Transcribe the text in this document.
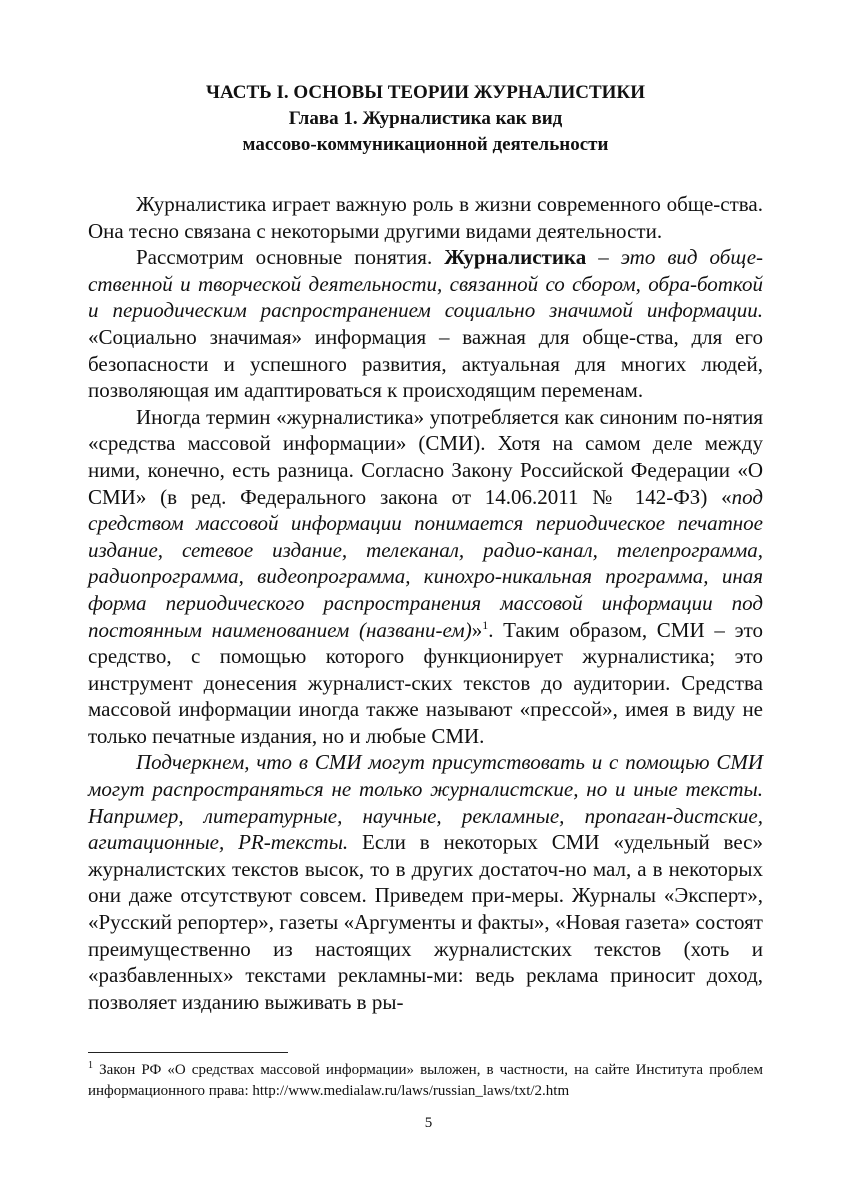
ЧАСТЬ I. ОСНОВЫ ТЕОРИИ ЖУРНАЛИСТИКИ
Глава 1. Журналистика как вид
массово-коммуникационной деятельности

Журналистика играет важную роль в жизни современного обще-ства. Она тесно связана с некоторыми другими видами деятельности.

Рассмотрим основные понятия. Журналистика – это вид обще-ственной и творческой деятельности, связанной со сбором, обра-боткой и периодическим распространением социально значимой информации. «Социально значимая» информация – важная для обще-ства, для его безопасности и успешного развития, актуальная для многих людей, позволяющая им адаптироваться к происходящим переменам.

Иногда термин «журналистика» употребляется как синоним по-нятия «средства массовой информации» (СМИ). Хотя на самом деле между ними, конечно, есть разница. Согласно Закону Российской Федерации «О СМИ» (в ред. Федерального закона от 14.06.2011 № 142-ФЗ) «под средством массовой информации понимается периодическое печатное издание, сетевое издание, телеканал, радио-канал, телепрограмма, радиопрограмма, видеопрограмма, кинохро-никальная программа, иная форма периодического распространения массовой информации под постоянным наименованием (названи-ем)»$^1$. Таким образом, СМИ – это средство, с помощью которого функционирует журналистика; это инструмент донесения журналист-ских текстов до аудитории. Средства массовой информации иногда также называют «прессой», имея в виду не только печатные издания, но и любые СМИ.

Подчеркнем, что в СМИ могут присутствовать и с помощью СМИ могут распространяться не только журналистские, но и иные тексты. Например, литературные, научные, рекламные, пропаган-дистские, агитационные, PR-тексты. Если в некоторых СМИ «удельный вес» журналистских текстов высок, то в других достаточ-но мал, а в некоторых они даже отсутствуют совсем. Приведем при-меры. Журналы «Эксперт», «Русский репортер», газеты «Аргументы и факты», «Новая газета» состоят преимущественно из настоящих журналистских текстов (хоть и «разбавленных» текстами рекламны-ми: ведь реклама приносит доход, позволяет изданию выживать в ры-

$^1$ Закон РФ «О средствах массовой информации» выложен, в частности, на сайте Института проблем информационного права: http://www.medialaw.ru/laws/russian_laws/txt/2.htm
5
